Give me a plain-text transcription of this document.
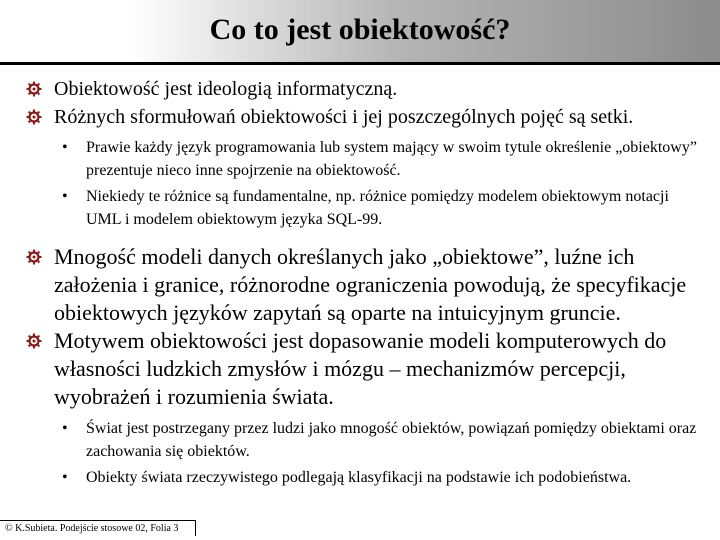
Co to jest obiektowość?
Obiektowość jest ideologią informatyczną.
Różnych sformułowań obiektowości i jej poszczególnych pojęć są setki.
• Prawie każdy język programowania lub system mający w swoim tytule określenie „obiektowy” prezentuje nieco inne spojrzenie na obiektowość.
• Niekiedy te różnice są fundamentalne, np. różnice pomiędzy modelem obiektowym notacji UML i modelem obiektowym języka SQL-99.
Mnogość modeli danych określanych jako „obiektowe”, luźne ich założenia i granice, różnorodne ograniczenia powodują, że specyfikacje obiektowych języków zapytań są oparte na intuicyjnym gruncie.
Motywem obiektowości jest dopasowanie modeli komputerowych do własności ludzkich zmysłów i mózgu – mechanizmów percepcji, wyobrażeń i rozumienia świata.
• Świat jest postrzegany przez ludzi jako mnogość obiektów, powiązań pomiędzy obiektami oraz zachowania się obiektów.
• Obiekty świata rzeczywistego podlegają klasyfikacji na podstawie ich podobieństwa.
© K.Subieta. Podejście stosowe 02, Folia 3
